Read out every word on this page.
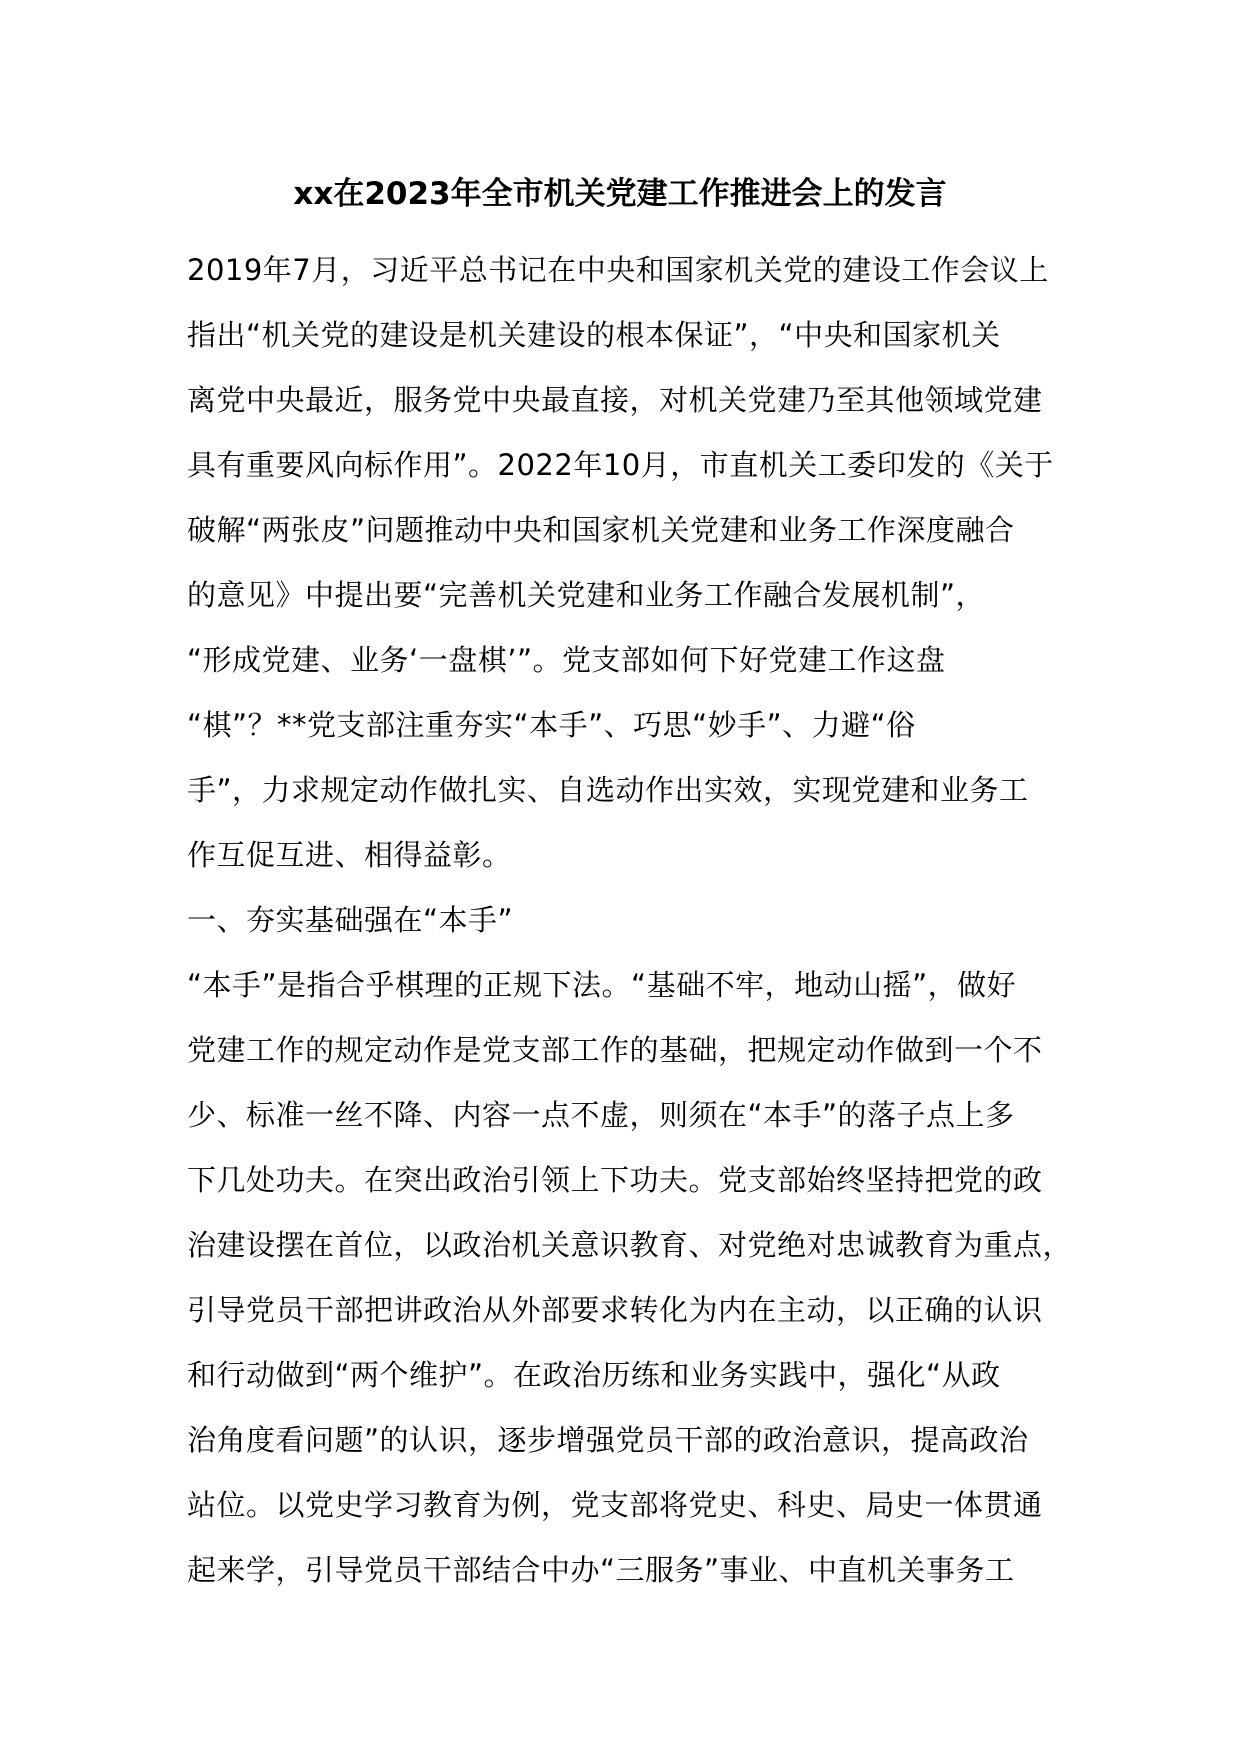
xx在2023年全市机关党建工作推进会上的发言
2019年7月，习近平总书记在中央和国家机关党的建设工作会议上
指出“机关党的建设是机关建设的根本保证”，“中央和国家机关
离党中央最近，服务党中央最直接，对机关党建乃至其他领域党建
具有重要风向标作用”。2022年10月，市直机关工委印发的《关于
破解“两张皮”问题推动中央和国家机关党建和业务工作深度融合
的意见》中提出要“完善机关党建和业务工作融合发展机制”，
“形成党建、业务‘一盘棋’”。党支部如何下好党建工作这盘
“棋”？**党支部注重夯实“本手”、巧思“妙手”、力避“俗
手”，力求规定动作做扎实、自选动作出实效，实现党建和业务工
作互促互进、相得益彰。
一、夯实基础强在“本手”
“本手”是指合乎棋理的正规下法。“基础不牢，地动山摇”，做好
党建工作的规定动作是党支部工作的基础，把规定动作做到一个不
少、标准一丝不降、内容一点不虚，则须在“本手”的落子点上多
下几处功夫。在突出政治引领上下功夫。党支部始终坚持把党的政
治建设摆在首位，以政治机关意识教育、对党绝对忠诚教育为重点，
引导党员干部把讲政治从外部要求转化为内在主动，以正确的认识
和行动做到“两个维护”。在政治历练和业务实践中，强化“从政
治角度看问题”的认识，逐步增强党员干部的政治意识，提高政治
站位。以党史学习教育为例，党支部将党史、科史、局史一体贯通
起来学，引导党员干部结合中办“三服务”事业、中直机关事务工
